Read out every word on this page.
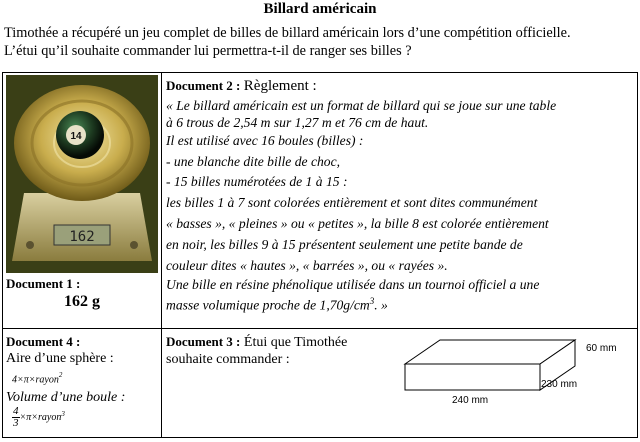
Billard américain
Timothée a récupéré un jeu complet de billes de billard américain lors d’une compétition officielle.
L’étui qu’il souhaite commander lui permettra-t-il de ranger ses billes ?
14
162
Document 1 :
162 g
Document 2 : Règlement :
« Le billard américain est un format de billard qui se joue sur une table
à 6 trous de 2,54 m sur 1,27 m et 76 cm de haut.
Il est utilisé avec 16 boules (billes) :
- une blanche dite bille de choc,
- 15 billes numérotées de 1 à 15 :
les billes 1 à 7 sont colorées entièrement et sont dites communément
« basses », « pleines » ou « petites », la bille 8 est colorée entièrement
en noir, les billes 9 à 15 présentent seulement une petite bande de
couleur dites « hautes », « barrées », ou « rayées ».
Une bille en résine phénolique utilisée dans un tournoi officiel a une
masse volumique proche de $1,70g/cm^3$. »
Document 4 :
Aire d’une sphère :
4×π×rayon$^2$
Volume d’une boule :
$\frac{4}{3}$ ×π×rayon$^3$
Document 3 : Étui que Timothée
souhaite commander :
60 mm
230 mm
240 mm
